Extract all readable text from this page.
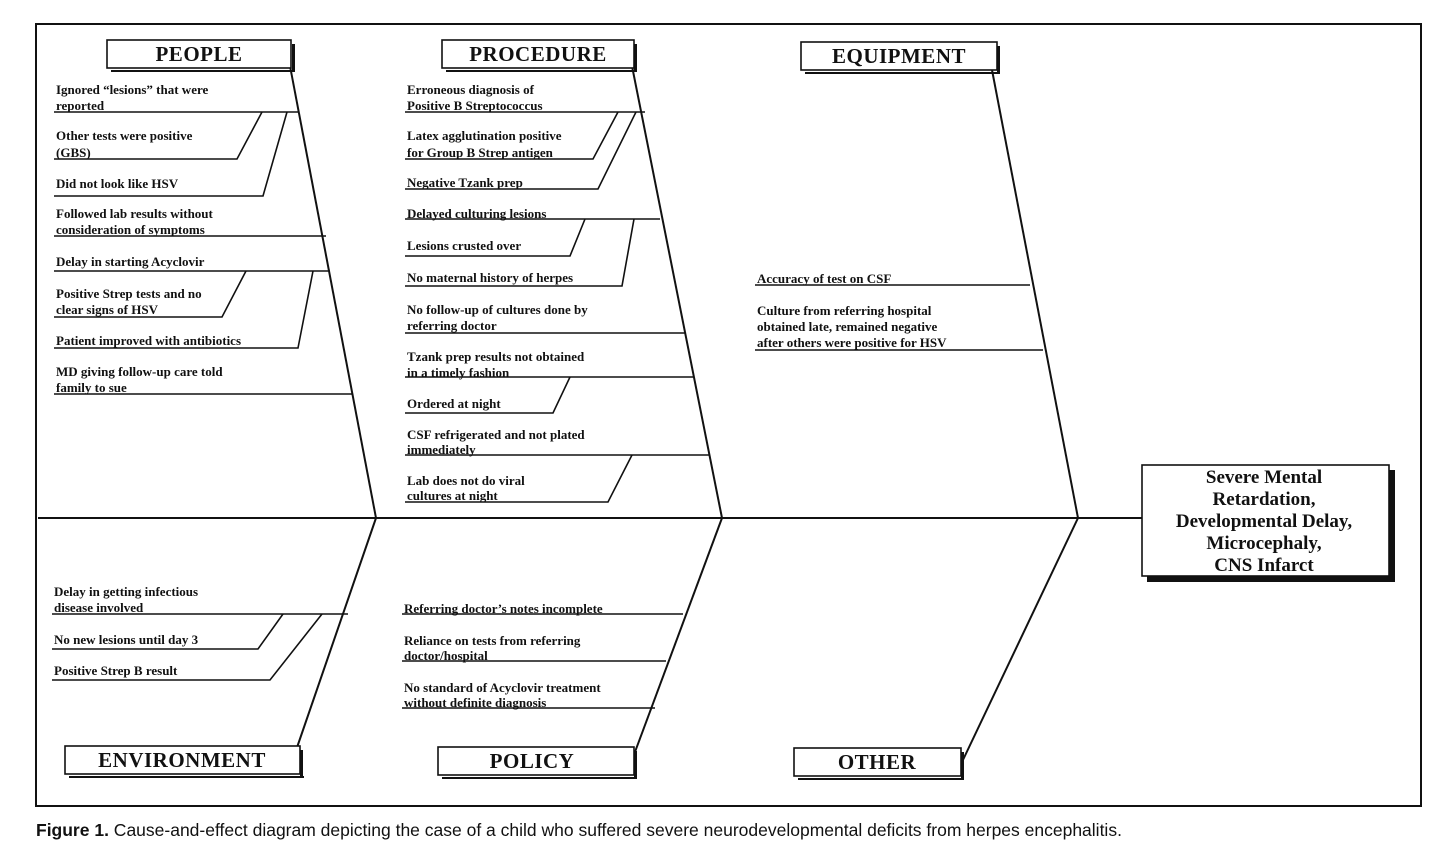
PEOPLE	PROCEDURE	EQUIPMENT
ENVIRONMENT	POLICY	OTHER
Severe Mental
Retardation,
Developmental Delay,
Microcephaly,
CNS Infarct
Ignored “lesions” that were
reported
Other tests were positive
(GBS)
Did not look like HSV
Followed lab results without
consideration of symptoms
Delay in starting Acyclovir
Positive Strep tests and no
clear signs of HSV
Patient improved with antibiotics
MD giving follow-up care told
family to sue
Erroneous diagnosis of
Positive B Streptococcus
Latex agglutination positive
for Group B Strep antigen
Negative Tzank prep
Delayed culturing lesions
Lesions crusted over
No maternal history of herpes
No follow-up of cultures done by
referring doctor
Tzank prep results not obtained
in a timely fashion
Ordered at night
CSF refrigerated and not plated
immediately
Lab does not do viral
cultures at night
Accuracy of test on CSF
Culture from referring hospital
obtained late, remained negative
after others were positive for HSV
Delay in getting infectious
disease involved
No new lesions until day 3
Positive Strep B result
Referring doctor’s notes incomplete
Reliance on tests from referring
doctor/hospital
No standard of Acyclovir treatment
without definite diagnosis
Figure 1. Cause-and-effect diagram depicting the case of a child who suffered severe neurodevelopmental deficits from herpes encephalitis.
